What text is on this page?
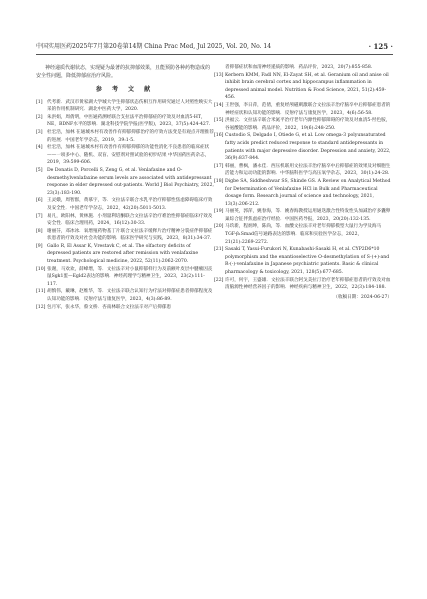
中国实用医药2025年7月第20卷第14期 China Prac Med, Jul 2025, Vol. 20, No. 14	· 125 ·

神经递质代谢状态，实现疑为最著的抗抑郁效果，且能预防各种药物造成的安全性问题，降低抑郁症治疗风险。

参 考 文 献
[1] 代考新．武汉市黄家湖大学城大学生抑郁状态伤相互作用研究通过人对照性映实大采的作用机制研究．湖北中医药大学，2020.
[2] 朱洪娟，周倩明，中医通药测经联合支拉法平治抑郁症的疗效及对血清5-HT，NE，BDNF水平的影响．湖北科技学院学报(医学版)，2023，37(5):424-427.
[3] 杜宏浩，加林 在通城木村有改善作有抑郁抑郁治疗的疗效方法变是有观点开理推荐的进展．中国老年学杂志，2019，39:1-5.
[4] 杜宏浩，加林 在通城木村有改善作有抑郁抑郁的功能性消化不良患者的临床症状——一项多中心、随机、双盲、安慰剂对照试验的初步结果 中华国药医药杂志，2019，39:599-606.
[5] De Donatis D, Porcelli S, Zeng G, et al. Venlafaxine and O-desmethylvenlafaxine serum levels are associated with antidepressant response in elder depressed out-patients. World J Biol Psychiatry, 2022, 23(3):183-190.
[6] 王灵娥，周智群，黄慕宇，等．文拉法辛联合水乳平治疗抑郁性焦虑障碍临床疗效及安全性．中国老年学杂志，2022，42(20):5011-5013.
[7] 易凡，欧阳林，黄林施．小剂量利培酮联合文拉法辛治疗难治性抑郁症临床疗效及安全性．临床合理用药，2024，16(12):30-33.
[8] 谢丽芬，邓冰冰．氧增殖药物基丁片联合文拉法辛缓释片治疗精神分裂症伴抑郁症状患者的疗效及对社会功能的影响．临床医学研究与实践，2023，8(31):34-37.
[9] Gallo R, El Assar K, Vrestavk C, et al. The olfactory deficits of depressed patients are restored after remission with venlafaxine treatment. Psychological medicine, 2022, 52(11):2062-2070.
[10] 张谢，马欢欢，薛峰增，等．文拉法辛对小鼠抑郁样行为及前额叶皮层中腱瘤因丧鼠Sgk1蛋—Egld2表达的影响．神经药理学与精神卫生，2023，23(2):111-117.
[11] 胡慎伟，戴琳，赵维华，等．文拉法辛联合认知行为疗法对抑郁症患者抑郁程度及认知功能的影响．反射疗法与康复医学，2023，4(3):86-89.
[12] 包月军，张永华，蔡文桥．杏南林联合文拉法辛对产后抑郁患
者抑郁症状和血清神经递质的影响．药品评价，2023，20(7):855-858.
[13] Kerbern KMM, Fadl NN, El-Zayat SH, et al. Geranium oil and anise oil inhibit brain cerebral cortex and hippocampus inflammation in depressed animal model. Nutrition & Food Science, 2021, 51(2):459-456.
[14] 王世强，李日萍，范倩，重复经颅磁刺激联合文拉法辛治疗脑卒中后抑郁症患者的神经症状和认知功能的影响．反射疗法与康复医学，2023，4(6):56-58.
[15] 洪福云．文拉法辛联合米氮平治疗老年内源性抑郁障碍的疗效及对血清5-羟色胺，谷氨酸能的影响．药品评价，2022，19(6):248-250.
[16] Custodio S, Delgado I, Otiede G, et al. Low omega-3 polyunsaturated fatty acids predict reduced response to standard antidepressants in patients with major depressive disorder. Depression and anxiety, 2022, 36(9):837-844.
[17] 韩丽，曹枫，潘永佳．西压机联用文拉法辛治疗脑卒中后抑郁症的效果及对细胞生活能力和运动功能的影响．中华脑科医学与高压氧学杂志，2023，30(1):24-28.
[18] Digbe SA, Siddheshwar SS, Shinde GS. A Review on Analytical Method for Determination of Venlafaxine HCl in Bulk and Pharmaceutical dosage form. Research journal of science and technology, 2021, 13(3):206-212.
[19] 马丽英，郭萍，姚春海，等．姚春海教授运用通迭激合性特发性头加减治疗多囊卵巢综合征伴焦虑症治疗经验．中国医药导报，2023，20(20):132-135.
[20] 马玖新，程炳坤，陈尚，等．血酸文拉法辛对老年抑郁模型大鼠行为学及海马TGF-β₁Smad信号通路表达的影响．临床和实验医学杂志，2022，21(21):2269-2272.
[21] Sasaki T, Yasui-Furukori N, Kunabashi-Sasaki H, et al. CYP2D6*10 polymorphism and the enantioselective O-desmethylation of S-(+)-and R-(-)-venlafaxine in Japanese psychiatric patients. Basic & clinical pharmacology & toxicology, 2021, 128(5):677-685.
[22] 许可，何宇，王盛雄．文拉法辛联合阿戈美拉汀治疗老年抑郁症患者的疗效及对血清脑源性神经营养因子的影响．神经疾病与精神卫生，2022，22(3):184-188.
（收稿日期：2024-06-27）
